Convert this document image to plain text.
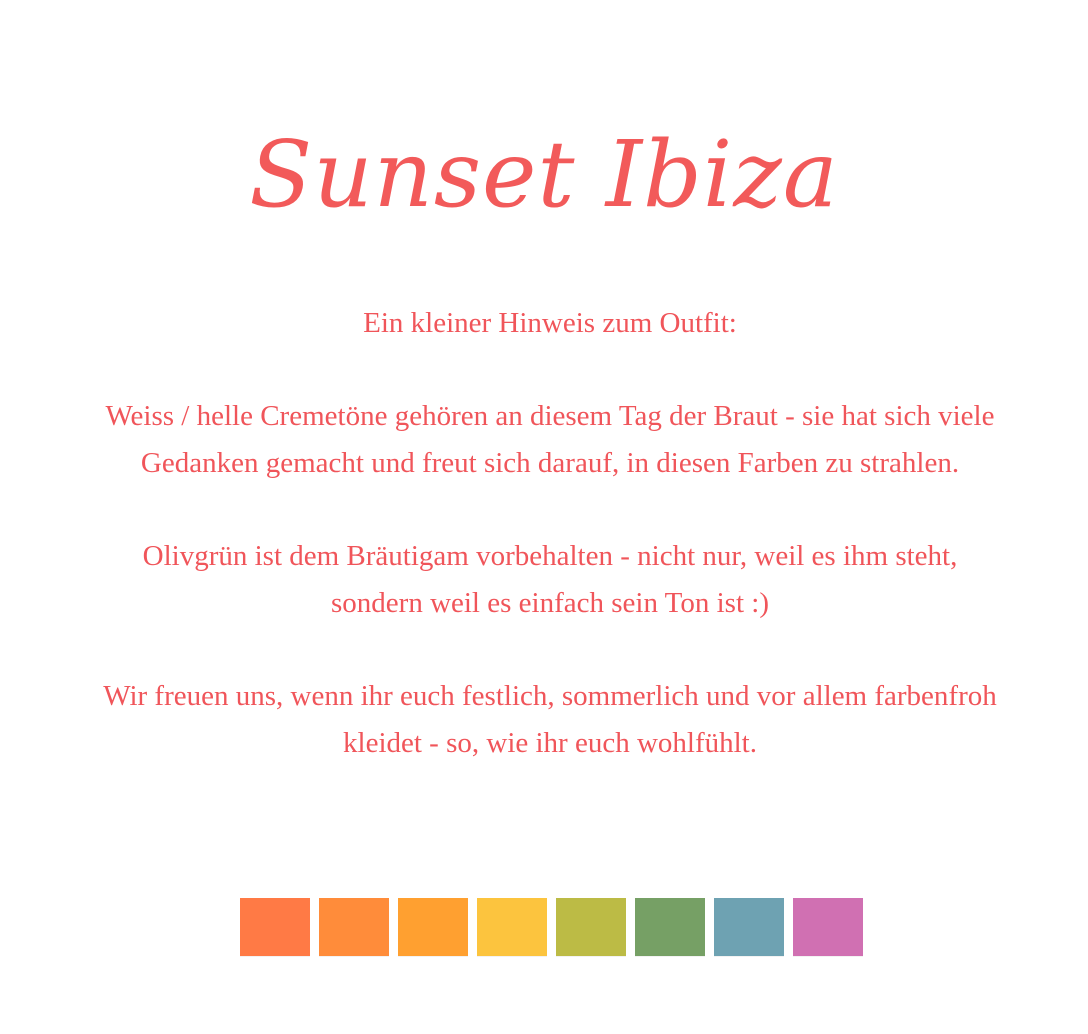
Sunset Ibiza

Ein kleiner Hinweis zum Outfit:

Weiss / helle Cremetöne gehören an diesem Tag der Braut - sie hat sich viele Gedanken gemacht und freut sich darauf, in diesen Farben zu strahlen.

Olivgrün ist dem Bräutigam vorbehalten - nicht nur, weil es ihm steht, sondern weil es einfach sein Ton ist :)

Wir freuen uns, wenn ihr euch festlich, sommerlich und vor allem farbenfroh kleidet - so, wie ihr euch wohlfühlt.
